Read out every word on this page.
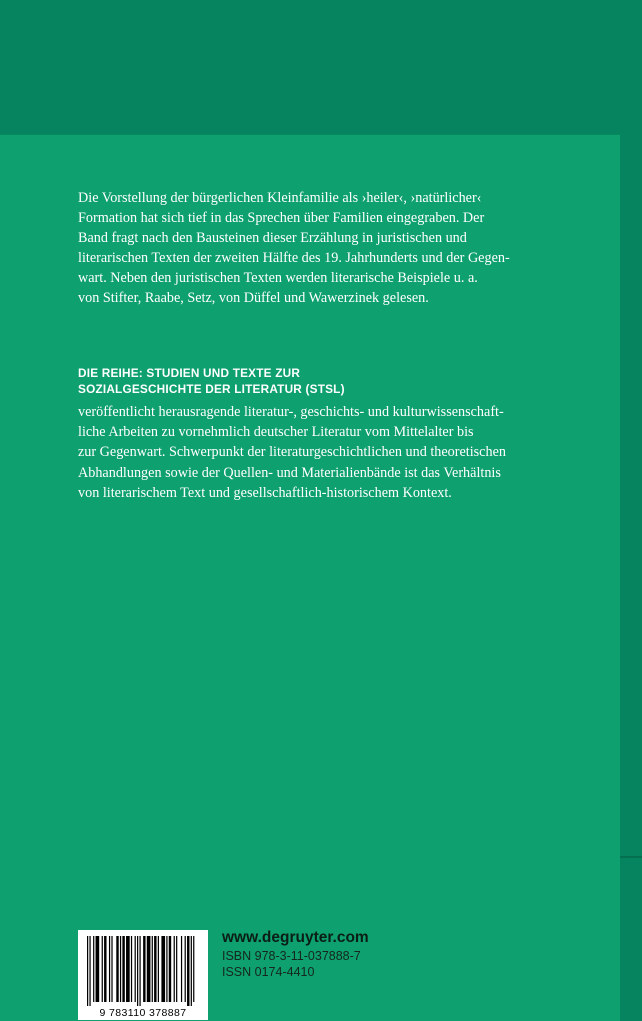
Die Vorstellung der bürgerlichen Kleinfamilie als ›heiler‹, ›natürlicher‹
Formation hat sich tief in das Sprechen über Familien eingegraben. Der
Band fragt nach den Bausteinen dieser Erzählung in juristischen und
literarischen Texten der zweiten Hälfte des 19. Jahrhunderts und der Gegen-
wart. Neben den juristischen Texten werden literarische Beispiele u. a.
von Stifter, Raabe, Setz, von Düffel und Wawerzinek gelesen.
DIE REIHE: STUDIEN UND TEXTE ZUR
SOZIALGESCHICHTE DER LITERATUR (STSL)
veröffentlicht herausragende literatur-, geschichts- und kulturwissenschaft-
liche Arbeiten zu vornehmlich deutscher Literatur vom Mittelalter bis
zur Gegenwart. Schwerpunkt der literaturgeschichtlichen und theoretischen
Abhandlungen sowie der Quellen- und Materialienbände ist das Verhältnis
von literarischem Text und gesellschaftlich-historischem Kontext.
9 783110 378887
www.degruyter.com
ISBN 978-3-11-037888-7
ISSN 0174-4410
